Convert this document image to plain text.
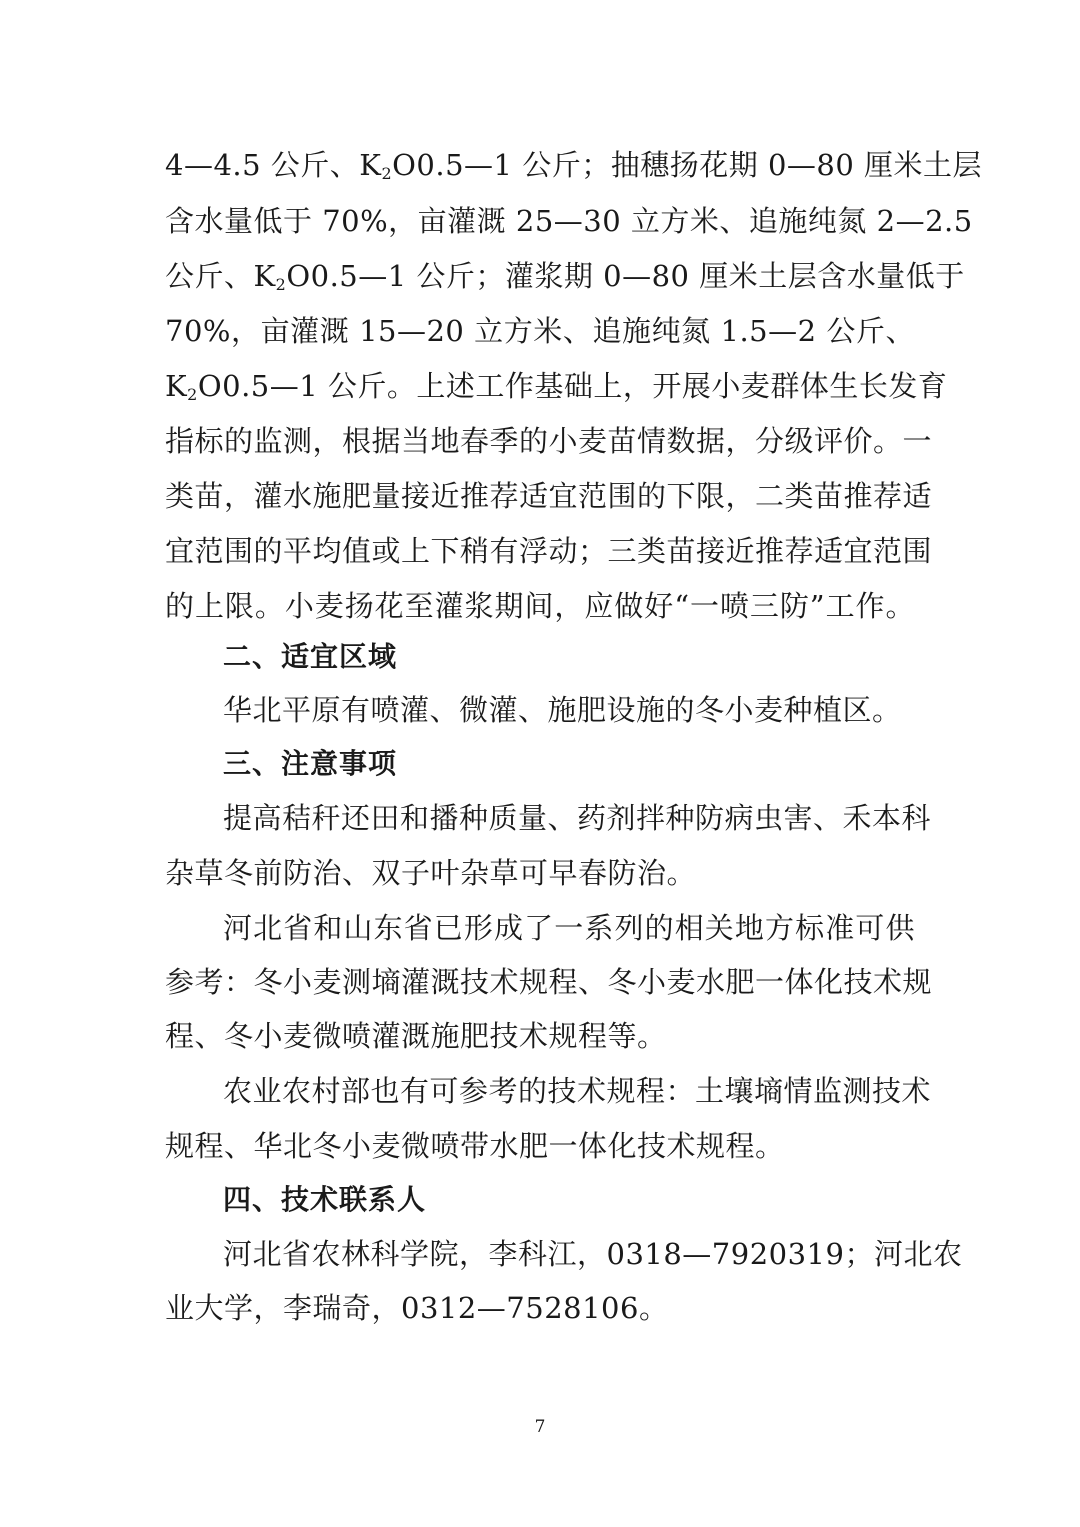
4—4.5 公斤、$K_2O0.5—1$ 公斤；抽穗扬花期 0—80 厘米土层
含水量低于 70%，亩灌溉 25—30 立方米、追施纯氮 2—2.5
公斤、$K_2O0.5—1$ 公斤；灌浆期 0—80 厘米土层含水量低于
70%，亩灌溉 15—20 立方米、追施纯氮 1.5—2 公斤、
$K_2O0.5—1$ 公斤。上述工作基础上，开展小麦群体生长发育
指标的监测，根据当地春季的小麦苗情数据，分级评价。一
类苗，灌水施肥量接近推荐适宜范围的下限，二类苗推荐适
宜范围的平均值或上下稍有浮动；三类苗接近推荐适宜范围
的上限。小麦扬花至灌浆期间，应做好“一喷三防”工作。
二、适宜区域
华北平原有喷灌、微灌、施肥设施的冬小麦种植区。
三、注意事项
提高秸秆还田和播种质量、药剂拌种防病虫害、禾本科
杂草冬前防治、双子叶杂草可早春防治。
河北省和山东省已形成了一系列的相关地方标准可供
参考：冬小麦测墒灌溉技术规程、冬小麦水肥一体化技术规
程、冬小麦微喷灌溉施肥技术规程等。
农业农村部也有可参考的技术规程：土壤墒情监测技术
规程、华北冬小麦微喷带水肥一体化技术规程。
四、技术联系人
河北省农林科学院，李科江，0318—7920319；河北农
业大学，李瑞奇，0312—7528106。
7
